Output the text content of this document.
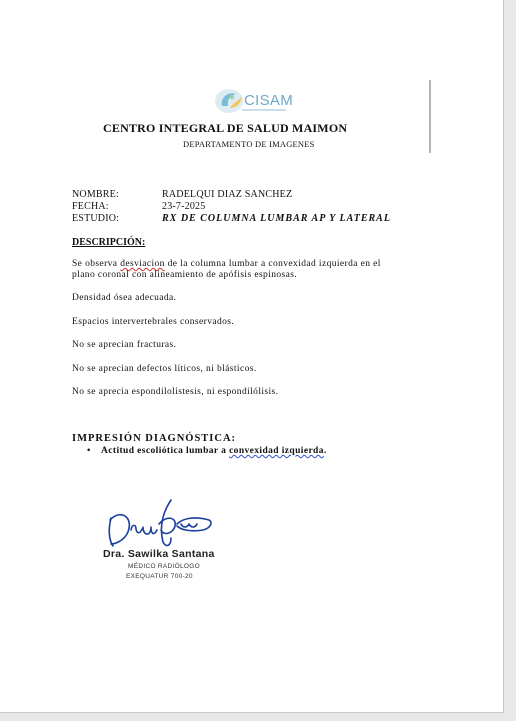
CISAM
CENTRO INTEGRAL DE SALUD MAIMON
DEPARTAMENTO DE IMAGENES
NOMBRE:	RADELQUI DIAZ SANCHEZ
FECHA:	23-7-2025
ESTUDIO:	RX DE COLUMNA LUMBAR AP Y LATERAL
DESCRIPCIÓN:
Se observa desviacion de la columna lumbar a convexidad izquierda en el
plano coronal con alineamiento de apófisis espinosas.
Densidad ósea adecuada.
Espacios intervertebrales conservados.
No se aprecian fracturas.
No se aprecian defectos líticos, ni blásticos.
No se aprecia espondilolistesis, ni espondilólisis.
IMPRESIÓN DIAGNÓSTICA:
• Actitud escoliótica lumbar a convexidad izquierda.
Dra. Sawilka Santana
MÉDICO RADIÓLOGO
EXEQUATUR 700-20
